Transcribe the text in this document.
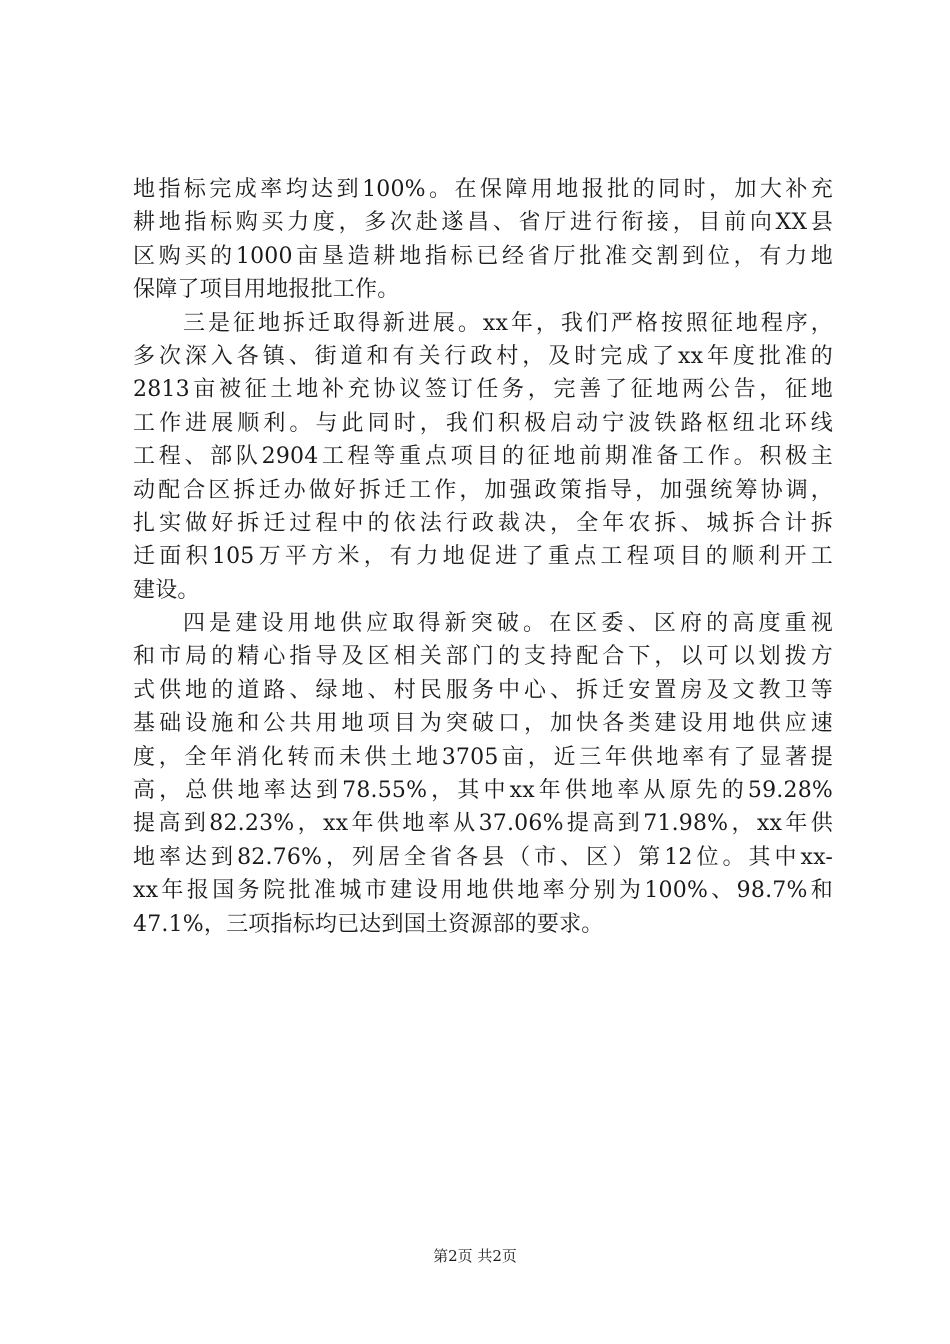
地指标完成率均达到100%。在保障用地报批的同时，加大补充
耕地指标购买力度，多次赴遂昌、省厅进行衔接，目前向XX县
区购买的1000亩垦造耕地指标已经省厅批准交割到位，有力地
保障了项目用地报批工作。
三是征地拆迁取得新进展。xx年，我们严格按照征地程序，
多次深入各镇、街道和有关行政村，及时完成了xx年度批准的
2813亩被征土地补充协议签订任务，完善了征地两公告，征地
工作进展顺利。与此同时，我们积极启动宁波铁路枢纽北环线
工程、部队2904工程等重点项目的征地前期准备工作。积极主
动配合区拆迁办做好拆迁工作，加强政策指导，加强统筹协调，
扎实做好拆迁过程中的依法行政裁决，全年农拆、城拆合计拆
迁面积105万平方米，有力地促进了重点工程项目的顺利开工
建设。
四是建设用地供应取得新突破。在区委、区府的高度重视
和市局的精心指导及区相关部门的支持配合下，以可以划拨方
式供地的道路、绿地、村民服务中心、拆迁安置房及文教卫等
基础设施和公共用地项目为突破口，加快各类建设用地供应速
度，全年消化转而未供土地3705亩，近三年供地率有了显著提
高，总供地率达到78.55%，其中xx年供地率从原先的59.28%
提高到82.23%，xx年供地率从37.06%提高到71.98%，xx年供
地率达到82.76%，列居全省各县（市、区）第12位。其中xx-
xx年报国务院批准城市建设用地供地率分别为100%、98.7%和
47.1%，三项指标均已达到国土资源部的要求。
第2页 共2页
